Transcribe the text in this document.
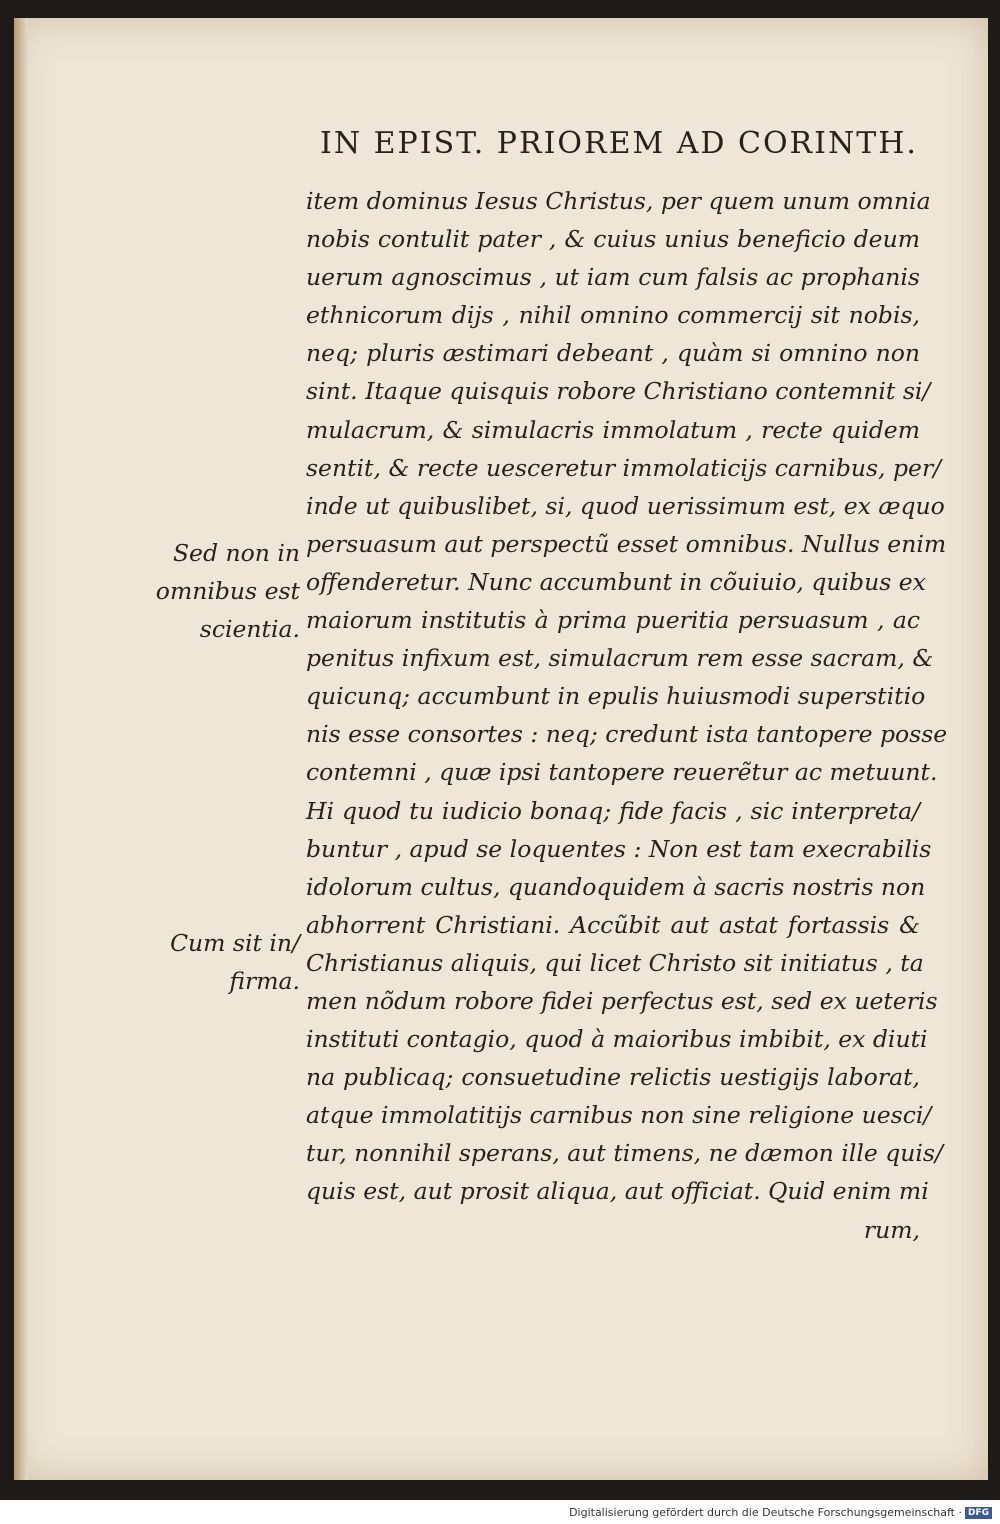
IN EPIST. PRIOREM AD CORINTH.
item dominus Iesus Christus, per quem unum omnia
nobis contulit pater , & cuius unius beneficio deum
uerum agnoscimus , ut iam cum falsis ac prophanis
ethnicorum dijs , nihil omnino commercij sit nobis,
neq; pluris æstimari debeant , quàm si omnino non
sint. Itaque quisquis robore Christiano contemnit si/
mulacrum, & simulacris immolatum , recte quidem
sentit, & recte uesceretur immolaticijs carnibus, per/
inde ut quibuslibet, si, quod uerissimum est, ex æquo
persuasum aut perspectũ esset omnibus. Nullus enim
offenderetur. Nunc accumbunt in cõuiuio, quibus ex
maiorum institutis à prima pueritia persuasum , ac
penitus infixum est, simulacrum rem esse sacram, &
quicunq; accumbunt in epulis huiusmodi superstitio
nis esse consortes : neq; credunt ista tantopere posse
contemni , quæ ipsi tantopere reuerẽtur ac metuunt.
Hi quod tu iudicio bonaq; fide facis , sic interpreta/
buntur , apud se loquentes : Non est tam execrabilis
idolorum cultus, quandoquidem à sacris nostris non
abhorrent Christiani. Accũbit aut astat fortassis &
Christianus aliquis, qui licet Christo sit initiatus , ta
men nõdum robore fidei perfectus est, sed ex ueteris
instituti contagio, quod à maioribus imbibit, ex diuti
na publicaq; consuetudine relictis uestigijs laborat,
atque immolatitijs carnibus non sine religione uesci/
tur, nonnihil sperans, aut timens, ne dæmon ille quis/
quis est, aut prosit aliqua, aut officiat. Quid enim mi
rum,
Sed non in
omnibus est
scientia.
Cum sit in/
firma.
Digitalisierung gefördert durch die Deutsche Forschungsgemeinschaft · DFG
